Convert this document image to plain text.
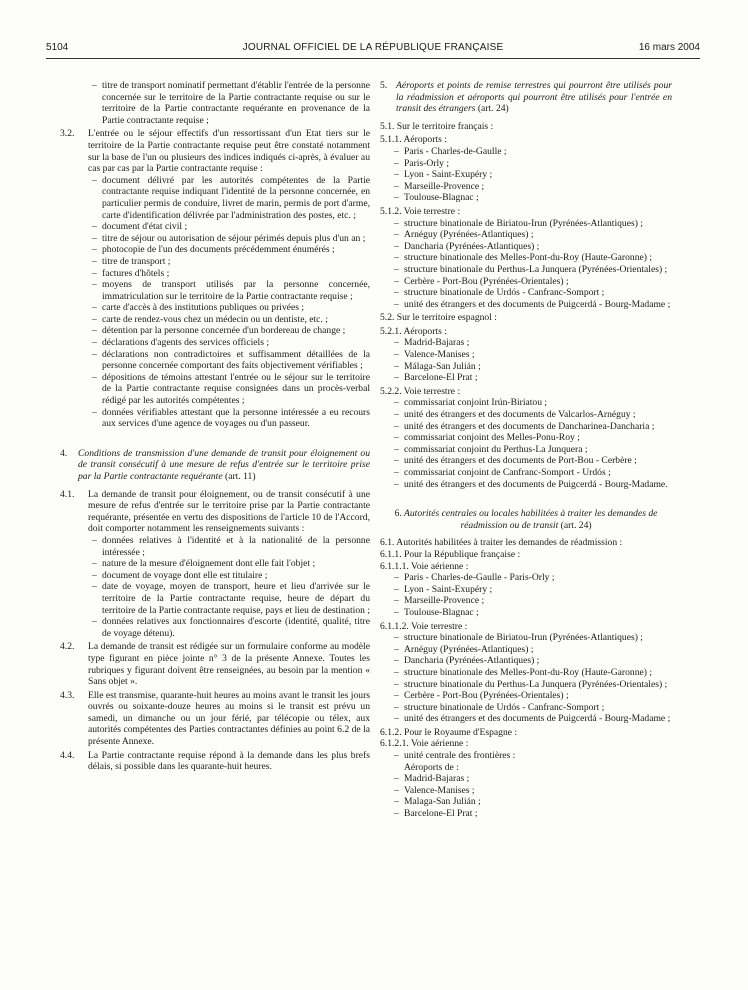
5104	JOURNAL OFFICIEL DE LA RÉPUBLIQUE FRANÇAISE	16 mars 2004

– titre de transport nominatif permettant d'établir l'entrée de la personne concernée sur le territoire de la Partie contractante requise ou sur le territoire de la Partie contractante requérante en provenance de la Partie contractante requise ;

3.2. L'entrée ou le séjour effectifs d'un ressortissant d'un Etat tiers sur le territoire de la Partie contractante requise peut être constaté notamment sur la base de l'un ou plusieurs des indices indiqués ci-après, à évaluer au cas par cas par la Partie contractante requise :

– document délivré par les autorités compétentes de la Partie contractante requise indiquant l'identité de la personne concernée, en particulier permis de conduire, livret de marin, permis de port d'arme, carte d'identification délivrée par l'administration des postes, etc. ;

– document d'état civil ;

– titre de séjour ou autorisation de séjour périmés depuis plus d'un an ;

– photocopie de l'un des documents précédemment énumérés ;

– titre de transport ;

– factures d'hôtels ;

– moyens de transport utilisés par la personne concernée, immatriculation sur le territoire de la Partie contractante requise ;

– carte d'accès à des institutions publiques ou privées ;

– carte de rendez-vous chez un médecin ou un dentiste, etc. ;

– détention par la personne concernée d'un bordereau de change ;

– déclarations d'agents des services officiels ;

– déclarations non contradictoires et suffisamment détaillées de la personne concernée comportant des faits objectivement vérifiables ;

– dépositions de témoins attestant l'entrée ou le séjour sur le territoire de la Partie contractante requise consignées dans un procès-verbal rédigé par les autorités compétentes ;

– données vérifiables attestant que la personne intéressée a eu recours aux services d'une agence de voyages ou d'un passeur.

4. Conditions de transmission d'une demande de transit pour éloignement ou de transit consécutif à une mesure de refus d'entrée sur le territoire prise par la Partie contractante requérante (art. 11)
4.1. La demande de transit pour éloignement, ou de transit consécutif à une mesure de refus d'entrée sur le territoire prise par la Partie contractante requérante, présentée en vertu des dispositions de l'article 10 de l'Accord, doit comporter notamment les renseignements suivants :

– données relatives à l'identité et à la nationalité de la personne intéressée ;

– nature de la mesure d'éloignement dont elle fait l'objet ;

– document de voyage dont elle est titulaire ;

– date de voyage, moyen de transport, heure et lieu d'arrivée sur le territoire de la Partie contractante requise, heure de départ du territoire de la Partie contractante requise, pays et lieu de destination ;

– données relatives aux fonctionnaires d'escorte (identité, qualité, titre de voyage détenu).

4.2. La demande de transit est rédigée sur un formulaire conforme au modèle type figurant en pièce jointe n° 3 de la présente Annexe. Toutes les rubriques y figurant doivent être renseignées, au besoin par la mention « Sans objet ».

4.3. Elle est transmise, quarante-huit heures au moins avant le transit les jours ouvrés ou soixante-douze heures au moins si le transit est prévu un samedi, un dimanche ou un jour férié, par télécopie ou télex, aux autorités compétentes des Parties contractantes définies au point 6.2 de la présente Annexe.

4.4. La Partie contractante requise répond à la demande dans les plus brefs délais, si possible dans les quarante-huit heures.

5. Aéroports et points de remise terrestres qui pourront être utilisés pour la réadmission et aéroports qui pourront être utilisés pour l'entrée en transit des étrangers (art. 24)

5.1. Sur le territoire français :

5.1.1. Aéroports :

– Paris - Charles-de-Gaulle ;

– Paris-Orly ;

– Lyon - Saint-Exupéry ;

– Marseille-Provence ;

– Toulouse-Blagnac ;

5.1.2. Voie terrestre :

– structure binationale de Biriatou-Irun (Pyrénées-Atlantiques) ;

– Arnéguy (Pyrénées-Atlantiques) ;

– Dancharia (Pyrénées-Atlantiques) ;

– structure binationale des Melles-Pont-du-Roy (Haute-Garonne) ;

– structure binationale du Perthus-La Junquera (Pyrénées-Orientales) ;

– Cerbère - Port-Bou (Pyrénées-Orientales) ;

– structure binationale de Urdós - Canfranc-Somport ;

– unité des étrangers et des documents de Puigcerdá - Bourg-Madame ;

5.2. Sur le territoire espagnol :

5.2.1. Aéroports :

– Madrid-Bajaras ;

– Valence-Manises ;

– Málaga-San Julián ;

– Barcelone-El Prat ;

5.2.2. Voie terrestre :

– commissariat conjoint Irún-Biriatou ;

– unité des étrangers et des documents de Valcarlos-Arnéguy ;

– unité des étrangers et des documents de Dancharinea-Dancharia ;

– commissariat conjoint des Melles-Ponu-Roy ;

– commissariat conjoint du Perthus-La Junquera ;

– unité des étrangers et des documents de Port-Bou - Cerbère ;

– commissariat conjoint de Canfranc-Somport - Urdós ;

– unité des étrangers et des documents de Puigcerdá - Bourg-Madame.

6. Autorités centrales ou locales habilitées à traiter les demandes de réadmission ou de transit (art. 24)

6.1. Autorités habilitées à traiter les demandes de réadmission :

6.1.1. Pour la République française :

6.1.1.1. Voie aérienne :

– Paris - Charles-de-Gaulle - Paris-Orly ;

– Lyon - Saint-Exupéry ;

– Marseille-Provence ;

– Toulouse-Blagnac ;

6.1.1.2. Voie terrestre :

– structure binationale de Biriatou-Irun (Pyrénées-Atlantiques) ;

– Arnéguy (Pyrénées-Atlantiques) ;

– Dancharia (Pyrénées-Atlantiques) ;

– structure binationale des Melles-Pont-du-Roy (Haute-Garonne) ;

– structure binationale du Perthus-La Junquera (Pyrénées-Orientales) ;

– Cerbère - Port-Bou (Pyrénées-Orientales) ;

– structure binationale de Urdós - Canfranc-Somport ;

– unité des étrangers et des documents de Puigcerdá - Bourg-Madame ;

6.1.2. Pour le Royaume d'Espagne :

6.1.2.1. Voie aérienne :

– unité centrale des frontières :

Aéroports de :

– Madrid-Bajaras ;

– Valence-Manises ;

– Malaga-San Julián ;

– Barcelone-El Prat ;
